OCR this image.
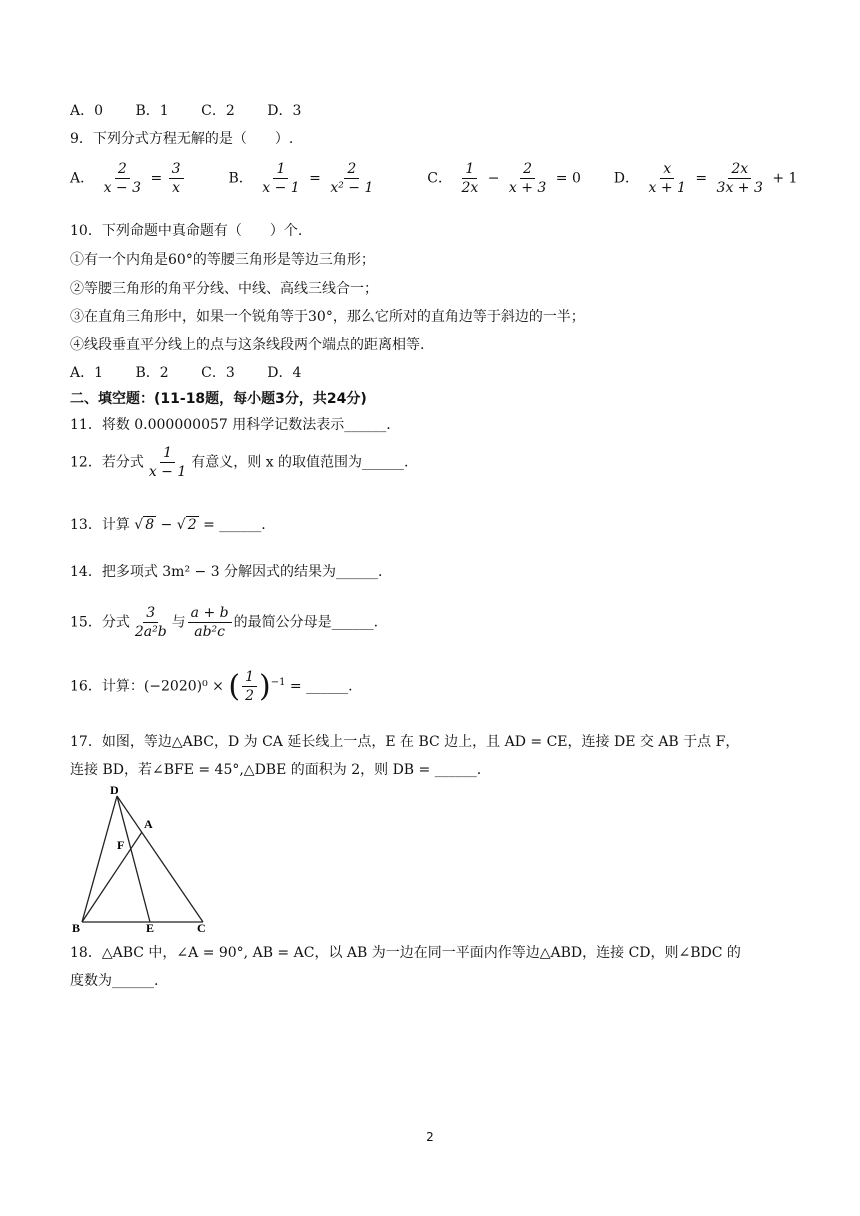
A．0 B．1 C．2 D．3
9．下列分式方程无解的是（　　）.
A． $\frac{2}{x - 3} = \frac{3}{x}$	B． $\frac{1}{x - 1} = \frac{2}{\text{x² − 1}}$	C． $\frac{1}{2x} - \frac{2}{x + 3} = 0$  D． $\frac{x}{x + 1} = \frac{2x}{3x + 3} + 1$
10．下列命题中真命题有（　　）个.
①有一个内角是60°的等腰三角形是等边三角形；
②等腰三角形的角平分线、中线、高线三线合一；
③在直角三角形中，如果一个锐角等于30°，那么它所对的直角边等于斜边的一半；
④线段垂直平分线上的点与这条线段两个端点的距离相等.
A．1 B．2 C．3 D．4
二、填空题：(11-18题，每小题3分，共24分)
11．将数 0.000000057 用科学记数法表示______.
12．若分式 $\frac{1}{x - 1}$ 有意义，则 x 的取值范围为______.
13．计算 √ 8 − √ 2 = ______.
14．把多项式 3m² − 3 分解因式的结果为______.
15．分式 $\frac{3}{\text{2a²b}}$ 与 $\frac{a + b}{\text{ab²c}}$ 的最简公分母是______.
16．计算：(−2020)⁰ × ( $\frac{1}{2} )^{-1}$ = ______.
17．如图，等边△ABC，D 为 CA 延长线上一点，E 在 BC 边上，且 AD = CE，连接 DE 交 AB 于点 F，
连接 BD，若∠BFE = 45°,△DBE 的面积为 2，则 DB = ______.
D
A
F
B	E	C
18．△ABC 中，∠A = 90°, AB = AC，以 AB 为一边在同一平面内作等边△ABD，连接 CD，则∠BDC 的
度数为______.
2
